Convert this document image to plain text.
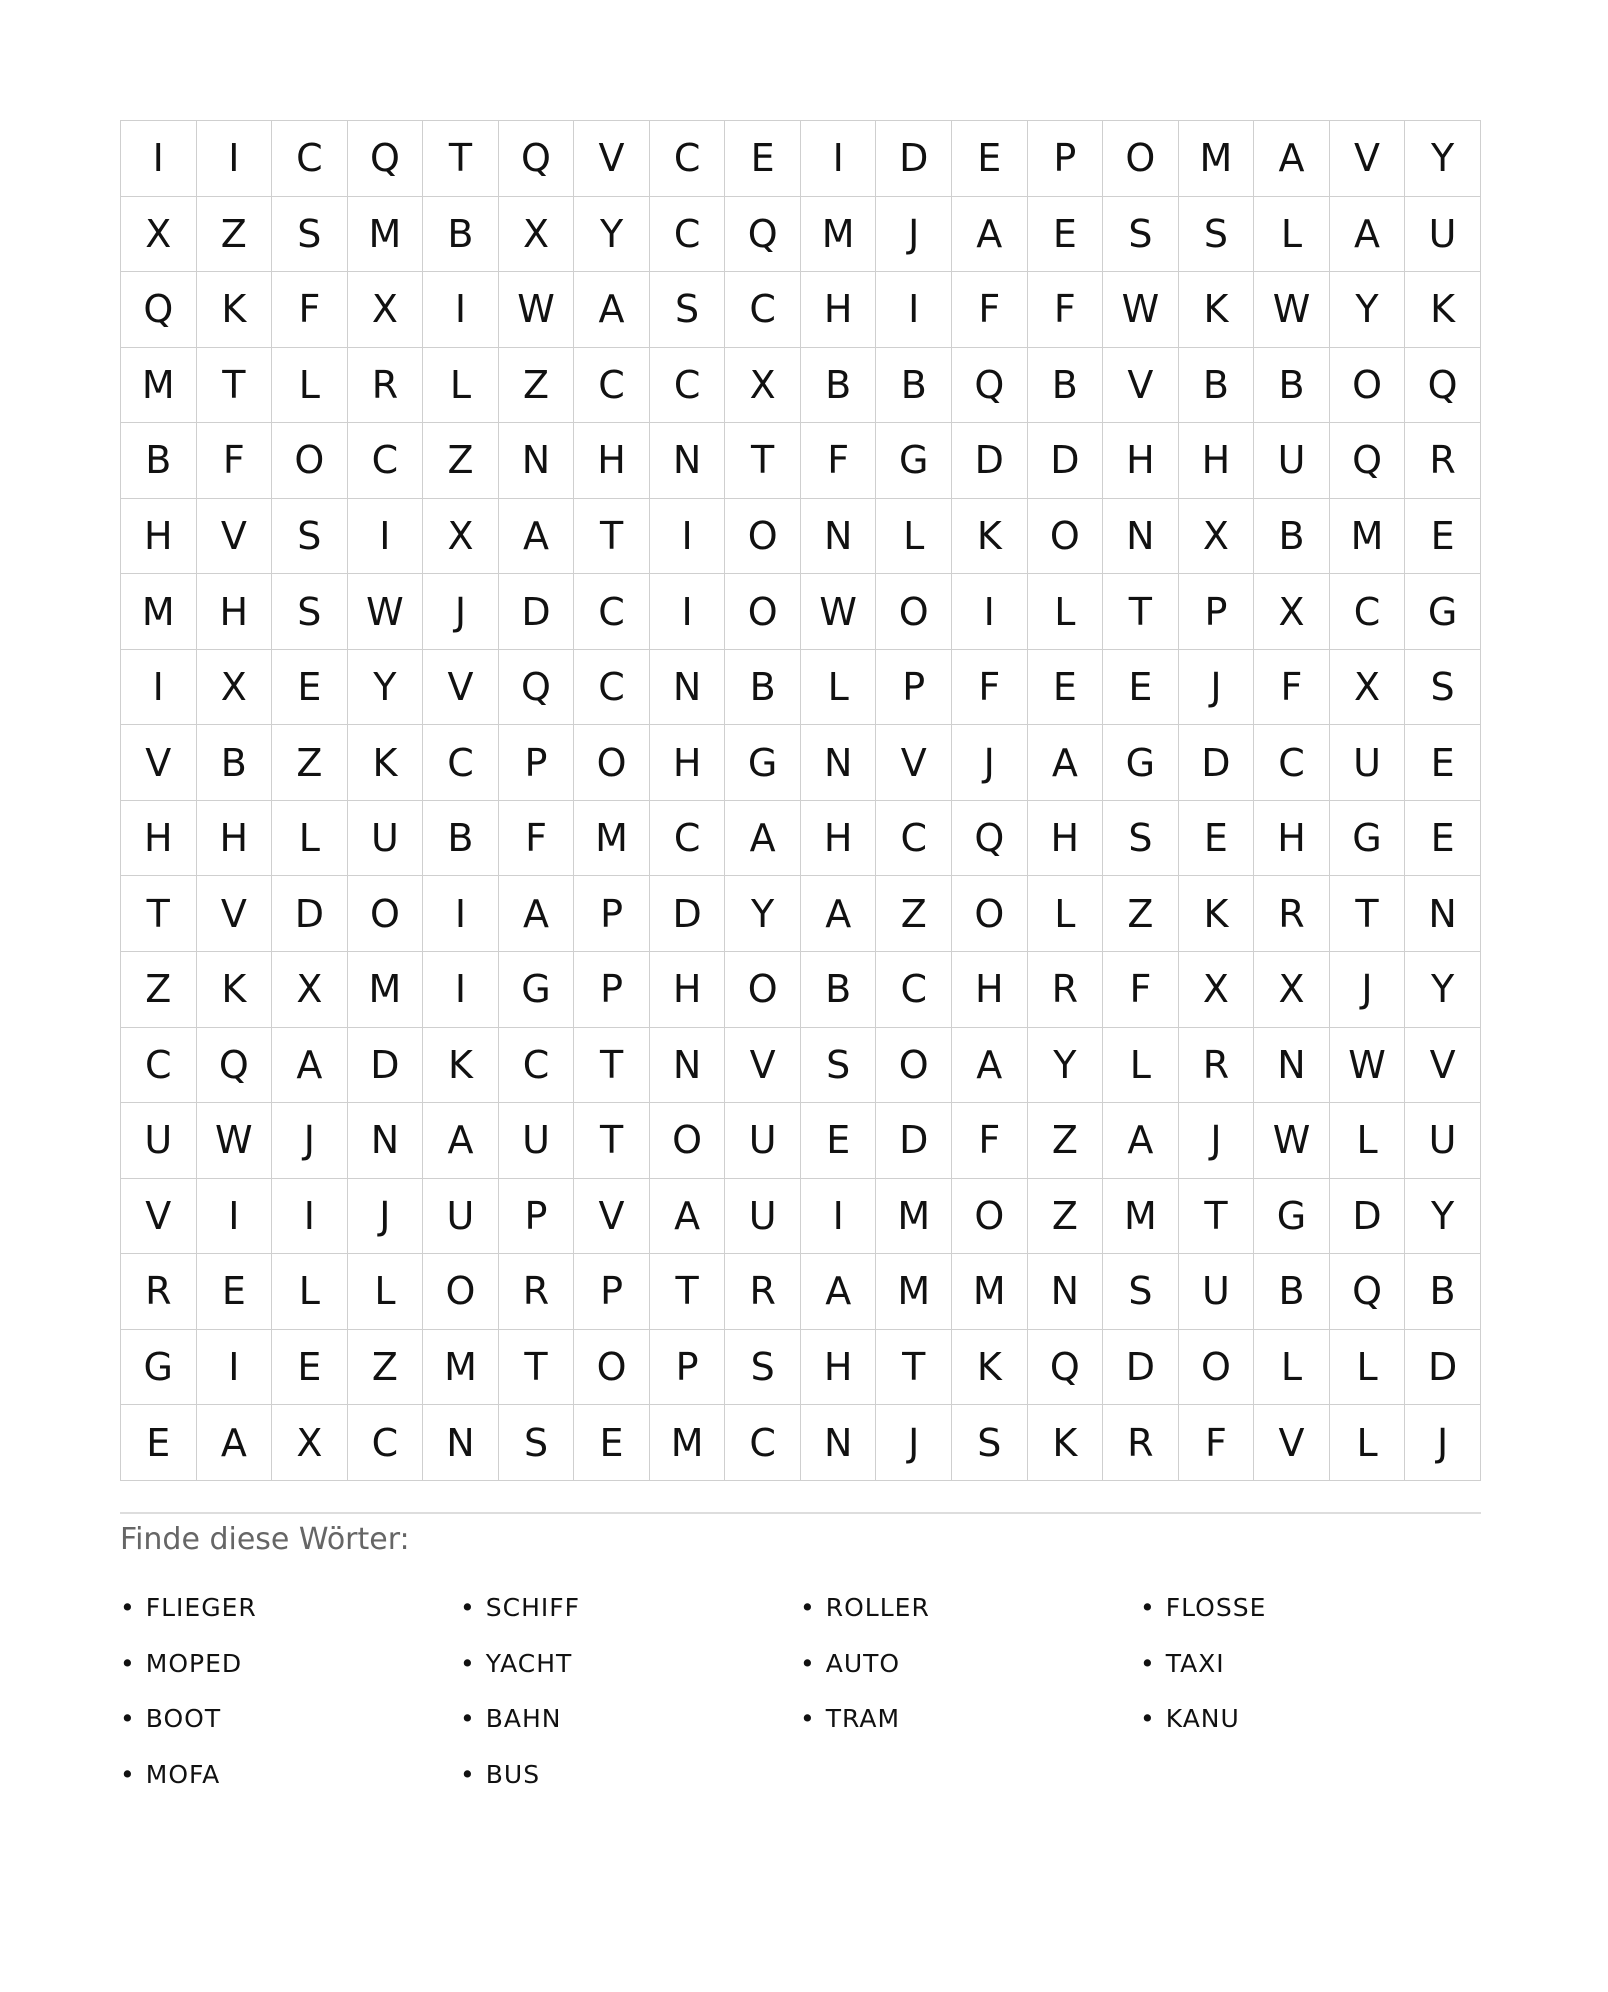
I	I	C	Q	T	Q	V	C	E	I	D	E	P	O	M	A	V	Y
X	Z	S	M	B	X	Y	C	Q	M	J	A	E	S	S	L	A	U
Q	K	F	X	I	W	A	S	C	H	I	F	F	W	K	W	Y	K
M	T	L	R	L	Z	C	C	X	B	B	Q	B	V	B	B	O	Q
B	F	O	C	Z	N	H	N	T	F	G	D	D	H	H	U	Q	R
H	V	S	I	X	A	T	I	O	N	L	K	O	N	X	B	M	E
M	H	S	W	J	D	C	I	O	W	O	I	L	T	P	X	C	G
I	X	E	Y	V	Q	C	N	B	L	P	F	E	E	J	F	X	S
V	B	Z	K	C	P	O	H	G	N	V	J	A	G	D	C	U	E
H	H	L	U	B	F	M	C	A	H	C	Q	H	S	E	H	G	E
T	V	D	O	I	A	P	D	Y	A	Z	O	L	Z	K	R	T	N
Z	K	X	M	I	G	P	H	O	B	C	H	R	F	X	X	J	Y
C	Q	A	D	K	C	T	N	V	S	O	A	Y	L	R	N	W	V
U	W	J	N	A	U	T	O	U	E	D	F	Z	A	J	W	L	U
V	I	I	J	U	P	V	A	U	I	M	O	Z	M	T	G	D	Y
R	E	L	L	O	R	P	T	R	A	M	M	N	S	U	B	Q	B
G	I	E	Z	M	T	O	P	S	H	T	K	Q	D	O	L	L	D
E	A	X	C	N	S	E	M	C	N	J	S	K	R	F	V	L	J
Finde diese Wörter:
• FLIEGER	• SCHIFF	• ROLLER	• FLOSSE
• MOPED	• YACHT	• AUTO	• TAXI
• BOOT	• BAHN	• TRAM	• KANU
• MOFA	• BUS
